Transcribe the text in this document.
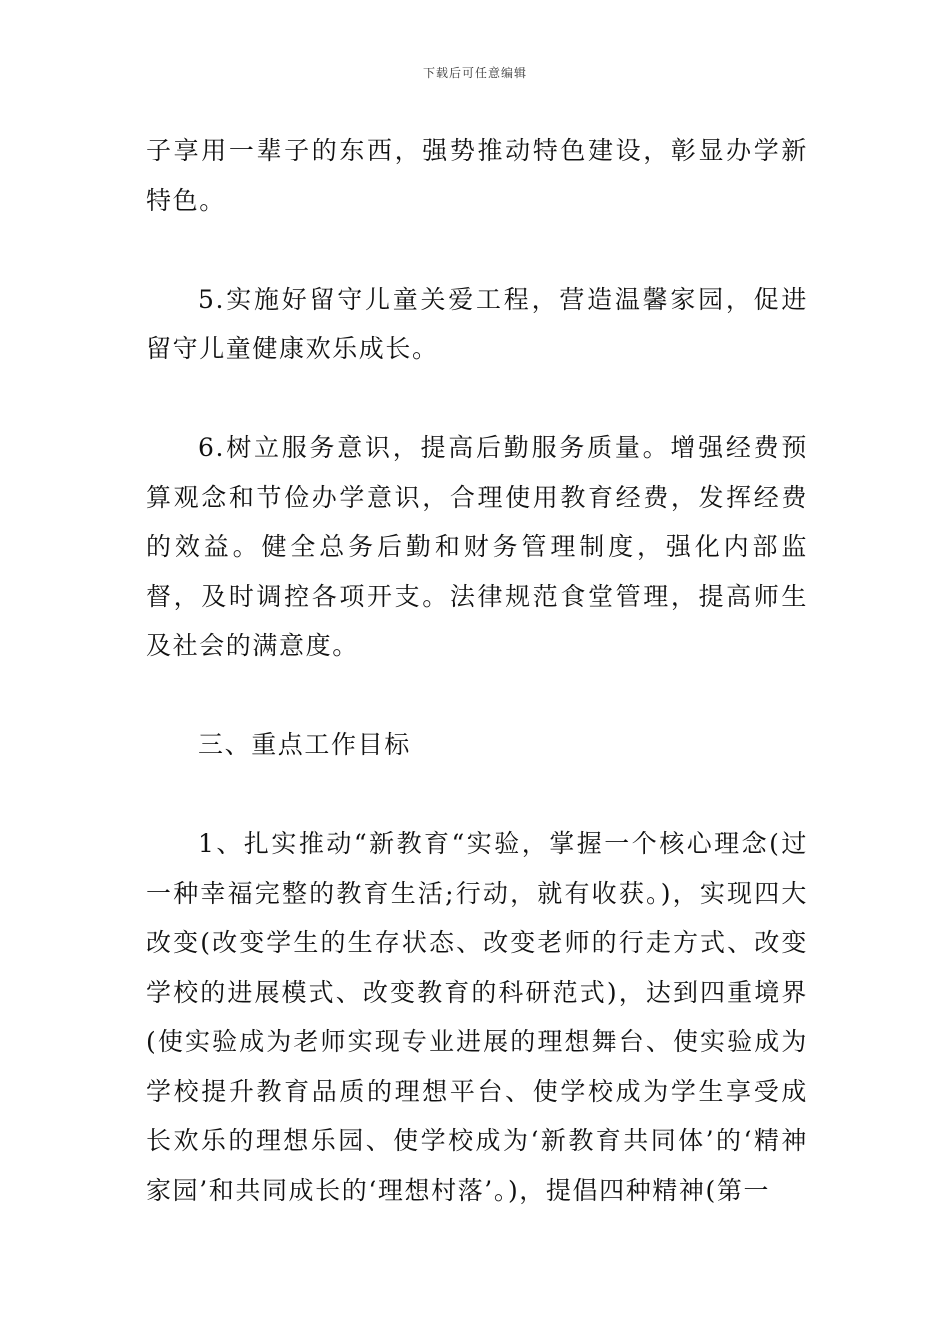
下载后可任意编辑

子享用一辈子的东西，强势推动特色建设，彰显办学新特色。

5.实施好留守儿童关爱工程，营造温馨家园，促进留守儿童健康欢乐成长。

6.树立服务意识，提高后勤服务质量。增强经费预算观念和节俭办学意识，合理使用教育经费，发挥经费的效益。健全总务后勤和财务管理制度，强化内部监督，及时调控各项开支。法律规范食堂管理，提高师生及社会的满意度。

三、重点工作目标

1、扎实推动“新教育“实验，掌握一个核心理念(过一种幸福完整的教育生活;行动，就有收获。)，实现四大改变(改变学生的生存状态、改变老师的行走方式、改变学校的进展模式、改变教育的科研范式)，达到四重境界(使实验成为老师实现专业进展的理想舞台、使实验成为学校提升教育品质的理想平台、使学校成为学生享受成长欢乐的理想乐园、使学校成为‘新教育共同体’的‘精神家园’和共同成长的‘理想村落’。)，提倡四种精神(第一
